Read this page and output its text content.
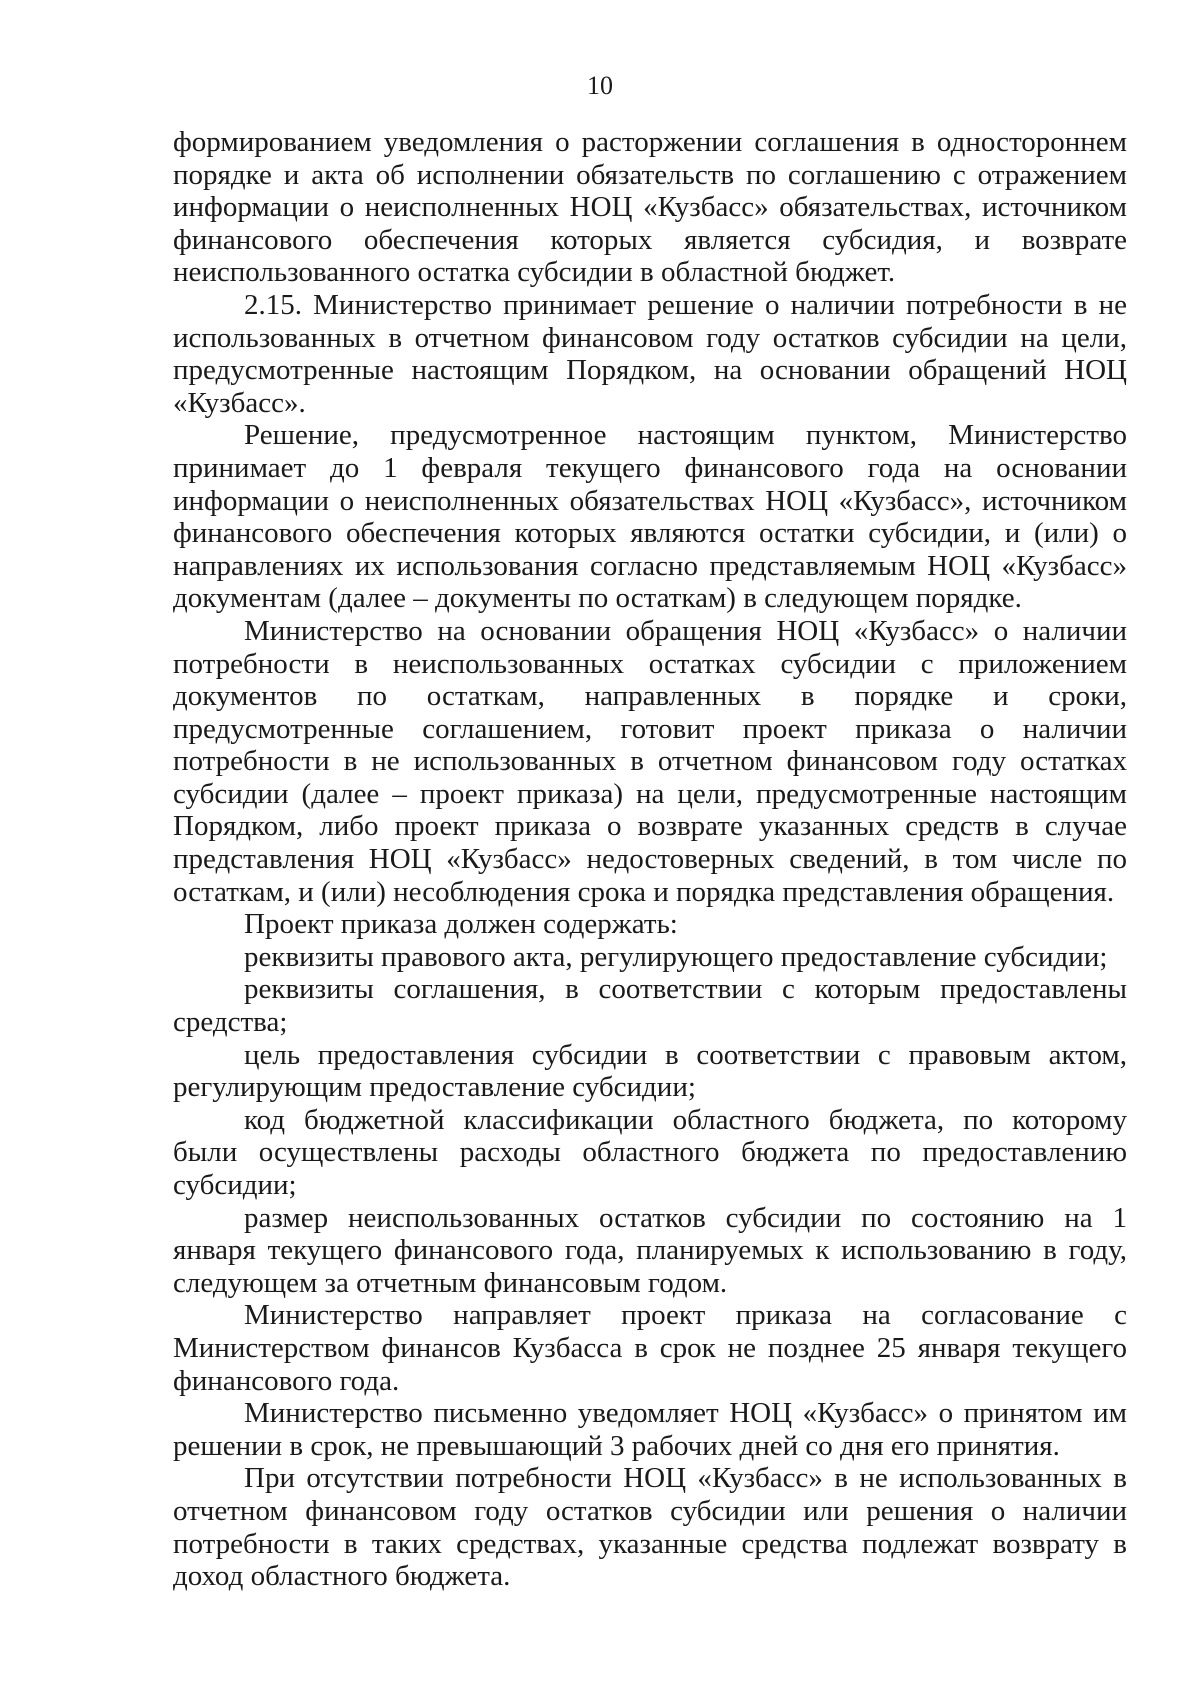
10

формированием уведомления о расторжении соглашения в одностороннем порядке и акта об исполнении обязательств по соглашению с отражением информации о неисполненных НОЦ «Кузбасс» обязательствах, источником финансового обеспечения которых является субсидия, и возврате неиспользованного остатка субсидии в областной бюджет.

2.15. Министерство принимает решение о наличии потребности в не использованных в отчетном финансовом году остатков субсидии на цели, предусмотренные настоящим Порядком, на основании обращений НОЦ «Кузбасс».

Решение, предусмотренное настоящим пунктом, Министерство принимает до 1 февраля текущего финансового года на основании информации о неисполненных обязательствах НОЦ «Кузбасс», источником финансового обеспечения которых являются остатки субсидии, и (или) о направлениях их использования согласно представляемым НОЦ «Кузбасс» документам (далее – документы по остаткам) в следующем порядке.

Министерство на основании обращения НОЦ «Кузбасс» о наличии потребности в неиспользованных остатках субсидии с приложением документов по остаткам, направленных в порядке и сроки, предусмотренные соглашением, готовит проект приказа о наличии потребности в не использованных в отчетном финансовом году остатках субсидии (далее – проект приказа) на цели, предусмотренные настоящим Порядком, либо проект приказа о возврате указанных средств в случае представления НОЦ «Кузбасс» недостоверных сведений, в том числе по остаткам, и (или) несоблюдения срока и порядка представления обращения.

Проект приказа должен содержать:

реквизиты правового акта, регулирующего предоставление субсидии;

реквизиты соглашения, в соответствии с которым предоставлены средства;

цель предоставления субсидии в соответствии с правовым актом, регулирующим предоставление субсидии;

код бюджетной классификации областного бюджета, по которому были осуществлены расходы областного бюджета по предоставлению субсидии;

размер неиспользованных остатков субсидии по состоянию на 1 января текущего финансового года, планируемых к использованию в году, следующем за отчетным финансовым годом.

Министерство направляет проект приказа на согласование с Министерством финансов Кузбасса в срок не позднее 25 января текущего финансового года.

Министерство письменно уведомляет НОЦ «Кузбасс» о принятом им решении в срок, не превышающий 3 рабочих дней со дня его принятия.

При отсутствии потребности НОЦ «Кузбасс» в не использованных в отчетном финансовом году остатков субсидии или решения о наличии потребности в таких средствах, указанные средства подлежат возврату в доход областного бюджета.
